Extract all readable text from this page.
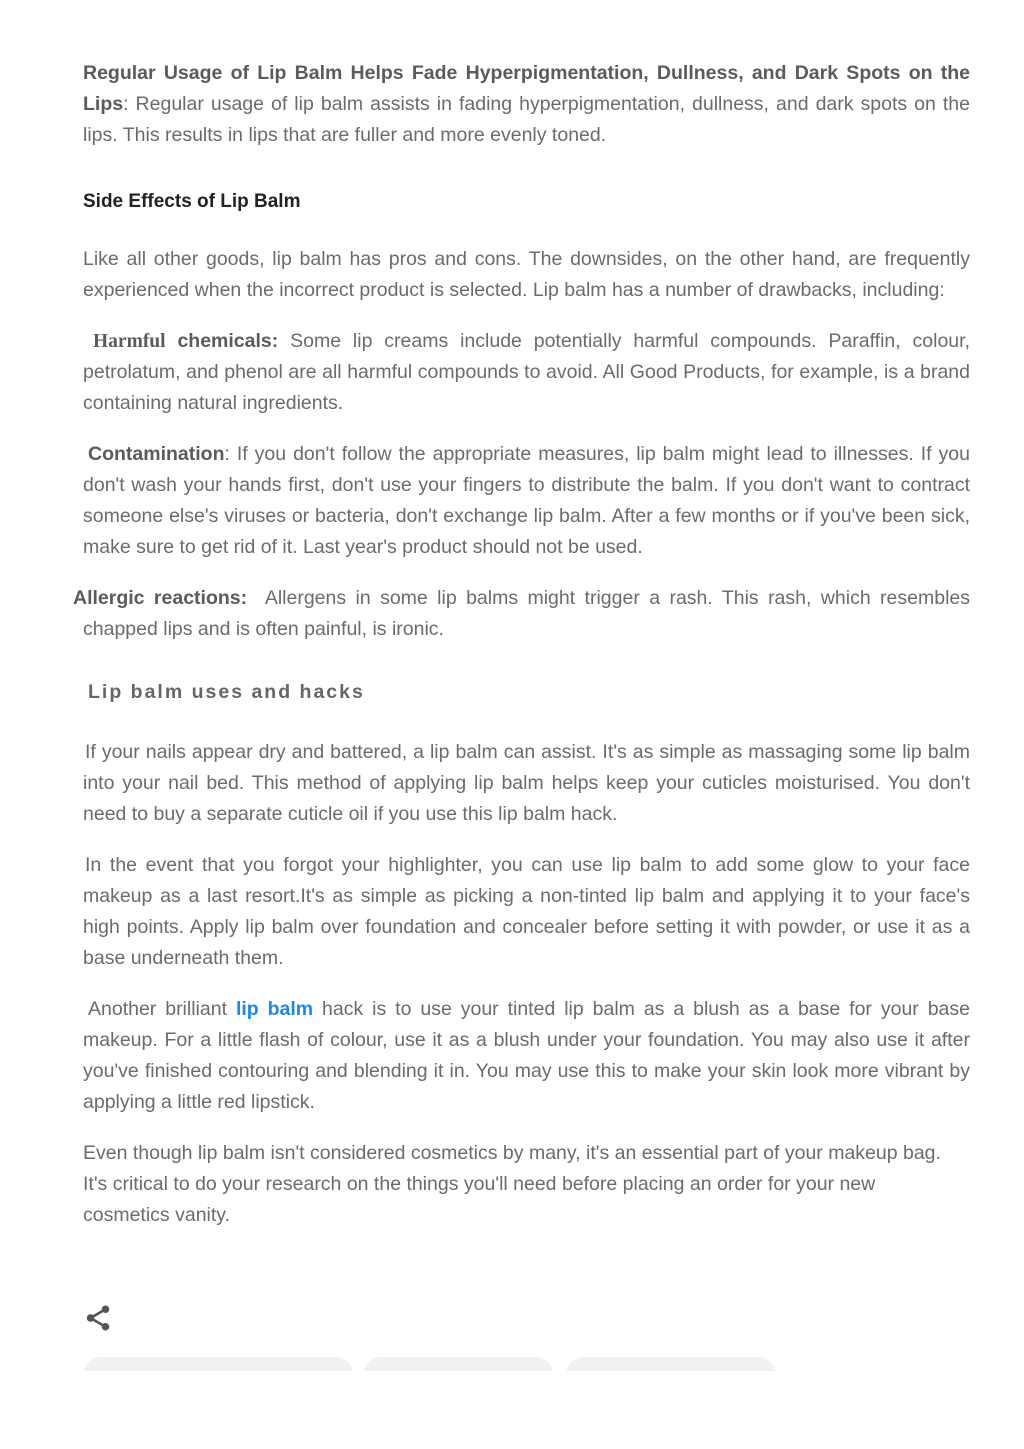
Regular Usage of Lip Balm Helps Fade Hyperpigmentation, Dullness, and Dark Spots on the Lips: Regular usage of lip balm assists in fading hyperpigmentation, dullness, and dark spots on the lips. This results in lips that are fuller and more evenly toned.

Side Effects of Lip Balm

Like all other goods, lip balm has pros and cons. The downsides, on the other hand, are frequently experienced when the incorrect product is selected. Lip balm has a number of drawbacks, including:

Harmful chemicals: Some lip creams include potentially harmful compounds. Paraffin, colour, petrolatum, and phenol are all harmful compounds to avoid. All Good Products, for example, is a brand containing natural ingredients.

Contamination: If you don't follow the appropriate measures, lip balm might lead to illnesses. If you don't wash your hands first, don't use your fingers to distribute the balm. If you don't want to contract someone else's viruses or bacteria, don't exchange lip balm. After a few months or if you've been sick, make sure to get rid of it. Last year's product should not be used.

Allergic reactions:  Allergens in some lip balms might trigger a rash. This rash, which resembles chapped lips and is often painful, is ironic.

Lip balm uses and hacks

If your nails appear dry and battered, a lip balm can assist. It's as simple as massaging some lip balm into your nail bed. This method of applying lip balm helps keep your cuticles moisturised. You don't need to buy a separate cuticle oil if you use this lip balm hack.

In the event that you forgot your highlighter, you can use lip balm to add some glow to your face makeup as a last resort.It's as simple as picking a non-tinted lip balm and applying it to your face's high points. Apply lip balm over foundation and concealer before setting it with powder, or use it as a base underneath them.

Another brilliant lip balm hack is to use your tinted lip balm as a blush as a base for your base makeup. For a little flash of colour, use it as a blush under your foundation. You may also use it after you've finished contouring and blending it in. You may use this to make your skin look more vibrant by applying a little red lipstick.

Even though lip balm isn't considered cosmetics by many, it's an essential part of your makeup bag. It's critical to do your research on the things you'll need before placing an order for your new cosmetics vanity.
